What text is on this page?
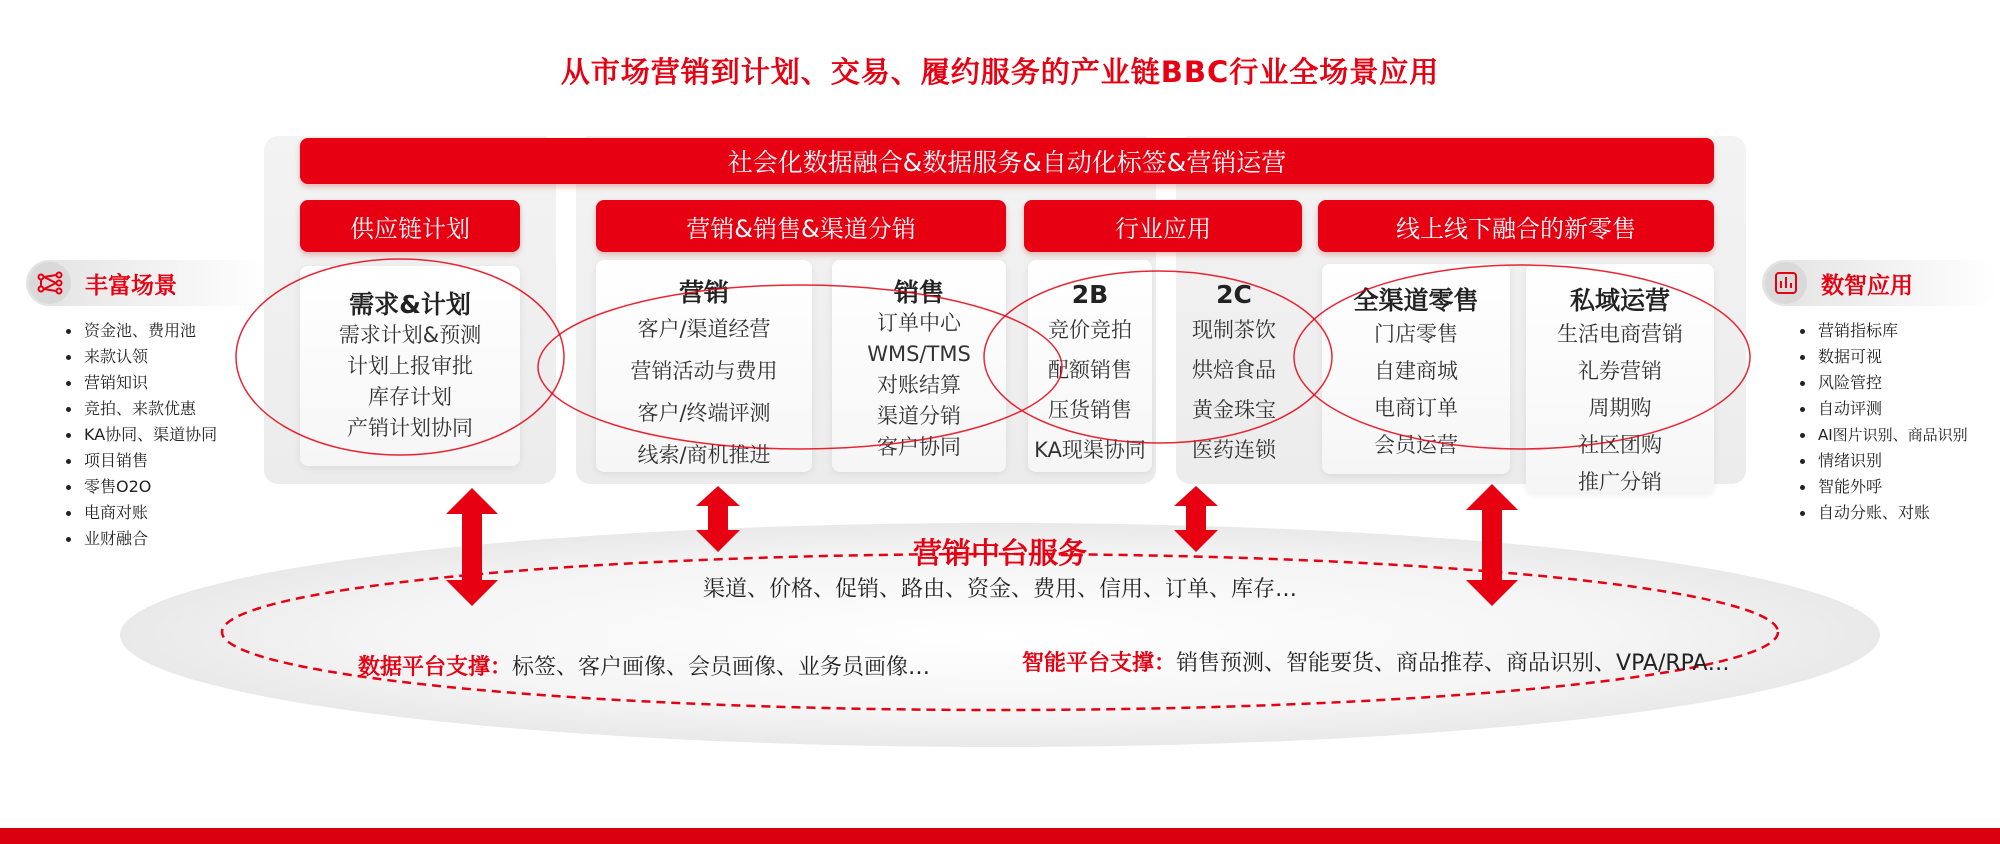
从市场营销到计划、交易、履约服务的产业链BBC行业全场景应用
社会化数据融合&数据服务&自动化标签&营销运营
供应链计划	营销&销售&渠道分销	行业应用	线上线下融合的新零售
需求&计划
需求计划&预测
计划上报审批
库存计划
产销计划协同
营销
客户/渠道经营
营销活动与费用
客户/终端评测
线索/商机推进
销售
订单中心
WMS/TMS
对账结算
渠道分销
客户协同
2B
竞价竞拍
配额销售
压货销售
KA现渠协同
2C
现制茶饮
烘焙食品
黄金珠宝
医药连锁
全渠道零售
门店零售
自建商城
电商订单
会员运营
私域运营
生活电商营销
礼券营销
周期购
社区团购
推广分销
营销中台服务
渠道、价格、促销、路由、资金、费用、信用、订单、库存…
数据平台支撑：标签、客户画像、会员画像、业务员画像…	智能平台支撑：销售预测、智能要货、商品推荐、商品识别、VPA/RPA…
丰富场景
资金池、费用池
来款认领
营销知识
竞拍、来款优惠
KA协同、渠道协同
项目销售
零售O2O
电商对账
业财融合
数智应用
营销指标库
数据可视
风险管控
自动评测
AI图片识别、商品识别
情绪识别
智能外呼
自动分账、对账
